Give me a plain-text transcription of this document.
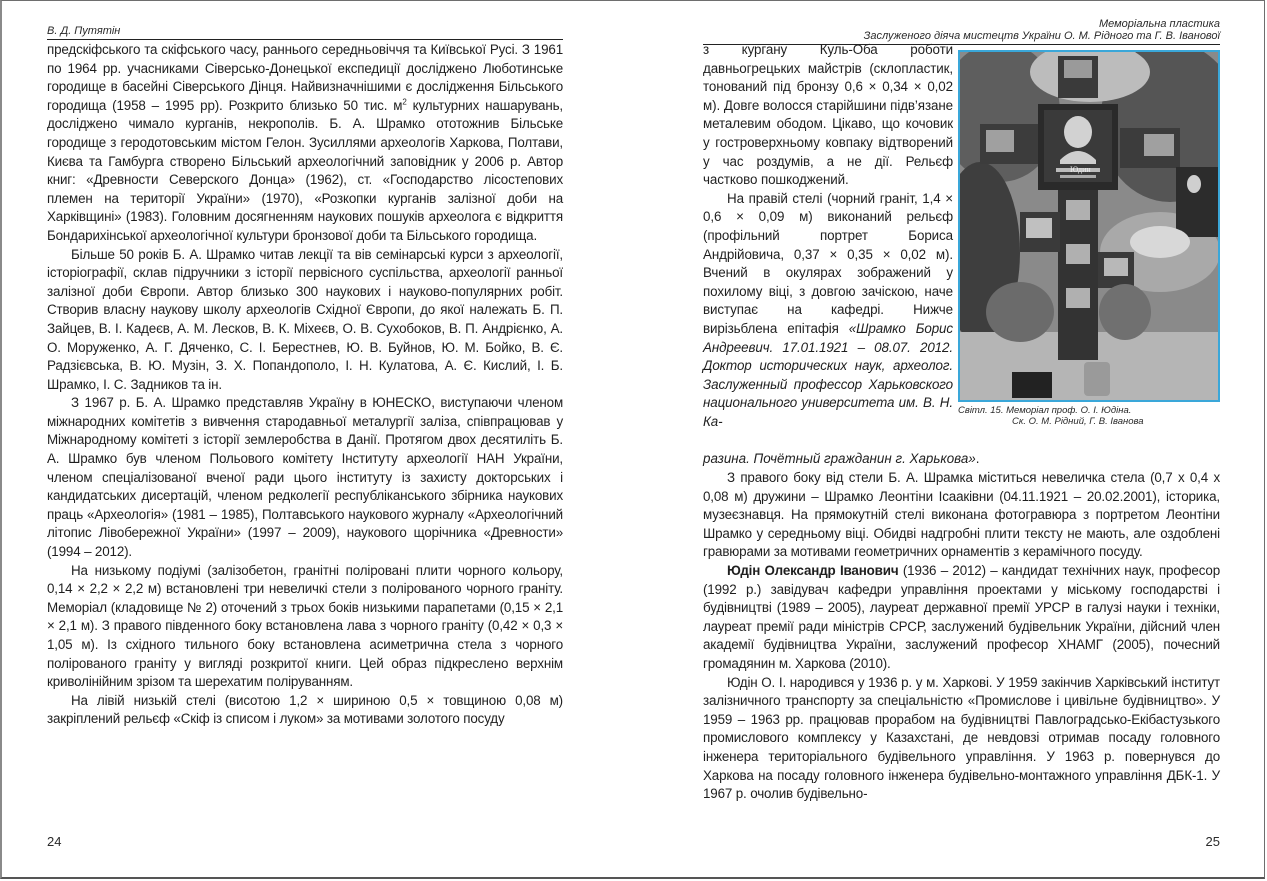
В. Д. Путятін

предскіфського та скіфського часу, раннього середньовіччя та Київської Русі. З 1961 по 1964 рр. учасниками Сіверсько-Донецької експедиції досліджено Люботинське городище в басейні Сіверського Дінця. Найвизначнішими є дослідження Більського городища (1958 – 1995 рр). Розкрито близько 50 тис. $м^2$ культурних нашарувань, досліджено чимало курганів, некрополів. Б. А. Шрамко ототожнив Більське городище з геродотовським містом Гелон. Зусиллями археологів Харкова, Полтави, Києва та Гамбурга створено Більський археологічний заповідник у 2006 р. Автор книг: «Древности Северского Донца» (1962), ст. «Господарство лісостепових племен на території України» (1970), «Розкопки курганів залізної доби на Харківщині» (1983). Головним досягненням наукових пошуків археолога є відкриття Бондарихінської археологічної культури бронзової доби та Більського городища.

Більше 50 років Б. А. Шрамко читав лекції та вів семінарські курси з археології, історіографії, склав підручники з історії первісного суспільства, археології ранньої залізної доби Європи. Автор близько 300 наукових і науково-популярних робіт. Створив власну наукову школу археологів Східної Європи, до якої належать Б. П. Зайцев, В. І. Кадеєв, А. М. Лесков, В. К. Міхеєв, О. В. Сухобоков, В. П. Андрієнко, А. О. Моруженко, А. Г. Дяченко, С. І. Берестнев, Ю. В. Буйнов, Ю. М. Бойко, В. Є. Радзієвська, В. Ю. Музін, З. Х. Попандополо, І. Н. Кулатова, А. Є. Кислий, І. Б. Шрамко, І. С. Задников та ін.

З 1967 р. Б. А. Шрамко представляв Україну в ЮНЕСКО, виступаючи членом міжнародних комітетів з вивчення стародавньої металургії заліза, співпрацював у Міжнародному комітеті з історії землеробства в Данії. Протягом двох десятиліть Б. А. Шрамко був членом Польового комітету Інституту археології НАН України, членом спеціалізованої вченої ради цього інституту із захисту докторських і кандидатських дисертацій, членом редколегії республіканського збірника наукових праць «Археологія» (1981 – 1985), Полтавського наукового журналу «Археологічний літопис Лівобережної України» (1997 – 2009), наукового щорічника «Древности» (1994 – 2012).

На низькому подіумі (залізобетон, гранітні поліровані плити чорного кольору, 0,14 × 2,2 × 2,2 м) встановлені три невеличкі стели з полірованого чорного граніту. Меморіал (кладовище № 2) оточений з трьох боків низькими парапетами (0,15 × 2,1 × 2,1 м). З правого південного боку встановлена лава з чорного граніту (0,42 × 0,3 × 1,05 м). Із східного тильного боку встановлена асиметрична стела з чорного полірованого граніту у вигляді розкритої книги. Цей образ підкреслено верхнім криволінійним зрізом та шерехатим поліруванням.

На лівій низькій стелі (висотою 1,2 × шириною 0,5 × товщиною 0,08 м) закріплений рельєф «Скіф із списом і луком» за мотивами золотого посуду

24
Меморіальна пластика
Заслуженого діяча мистецтв України О. М. Рідного та Г. В. Іванової

з кургану Куль-Оба роботи давньогрецьких майстрів (склопластик, тонований під бронзу 0,6 × 0,34 × 0,02 м). Довге волосся старійшини підв’язане металевим ободом. Цікаво, що кочовик у гостроверхньому ковпаку відтворений у час роздумів, а не дії. Рельєф частково пошкоджений.

На правій стелі (чорний граніт, 1,4 × 0,6 × 0,09 м) виконаний рельєф (профільний портрет Бориса Андрійовича, 0,37 × 0,35 × 0,02 м). Вчений в окулярах зображений у похилому віці, з довгою зачіскою, наче виступає на кафедрі. Нижче вирізьблена епітафія «Шрамко Борис Андреевич. 17.01.1921 – 08.07. 2012. Доктор исторических наук, археолог. Заслуженный профессор Харьковского национального университета им. В. Н. Ка-

Юдин
Світл. 15. Меморіал проф. О. І. Юдіна.
Ск. О. М. Рідний, Г. В. Іванова
разина. Почётный гражданин г. Харькова».

З правого боку від стели Б. А. Шрамка міститься невеличка стела (0,7 х 0,4 х 0,08 м) дружини – Шрамко Леонтіни Ісааківни (04.11.1921 – 20.02.2001), історика, музеєзнавця. На прямокутній стелі виконана фотогравюра з портретом Леонтіни Шрамко у середньому віці. Обидві надгробні плити тексту не мають, але оздоблені гравюрами за мотивами геометричних орнаментів з керамічного посуду.

Юдін Олександр Іванович (1936 – 2012) – кандидат технічних наук, професор (1992 р.) завідувач кафедри управління проектами у міському господарстві і будівництві (1989 – 2005), лауреат державної премії УРСР в галузі науки і техніки, лауреат премії ради міністрів СРСР, заслужений будівельник України, дійсний член академії будівництва України, заслужений професор ХНАМГ (2005), почесний громадянин м. Харкова (2010).

Юдін О. І. народився у 1936 р. у м. Харкові. У 1959 закінчив Харківський інститут залізничного транспорту за спеціальністю «Промислове і цивільне будівництво». У 1959 – 1963 рр. працював прорабом на будівництві Павлоградсько-Екібастузького промислового комплексу у Казахстані, де невдовзі отримав посаду головного інженера територіального будівельного управління. У 1963 р. повернувся до Харкова на посаду головного інженера будівельно-монтажного управління ДБК-1. У 1967 р. очолив будівельно-

25
